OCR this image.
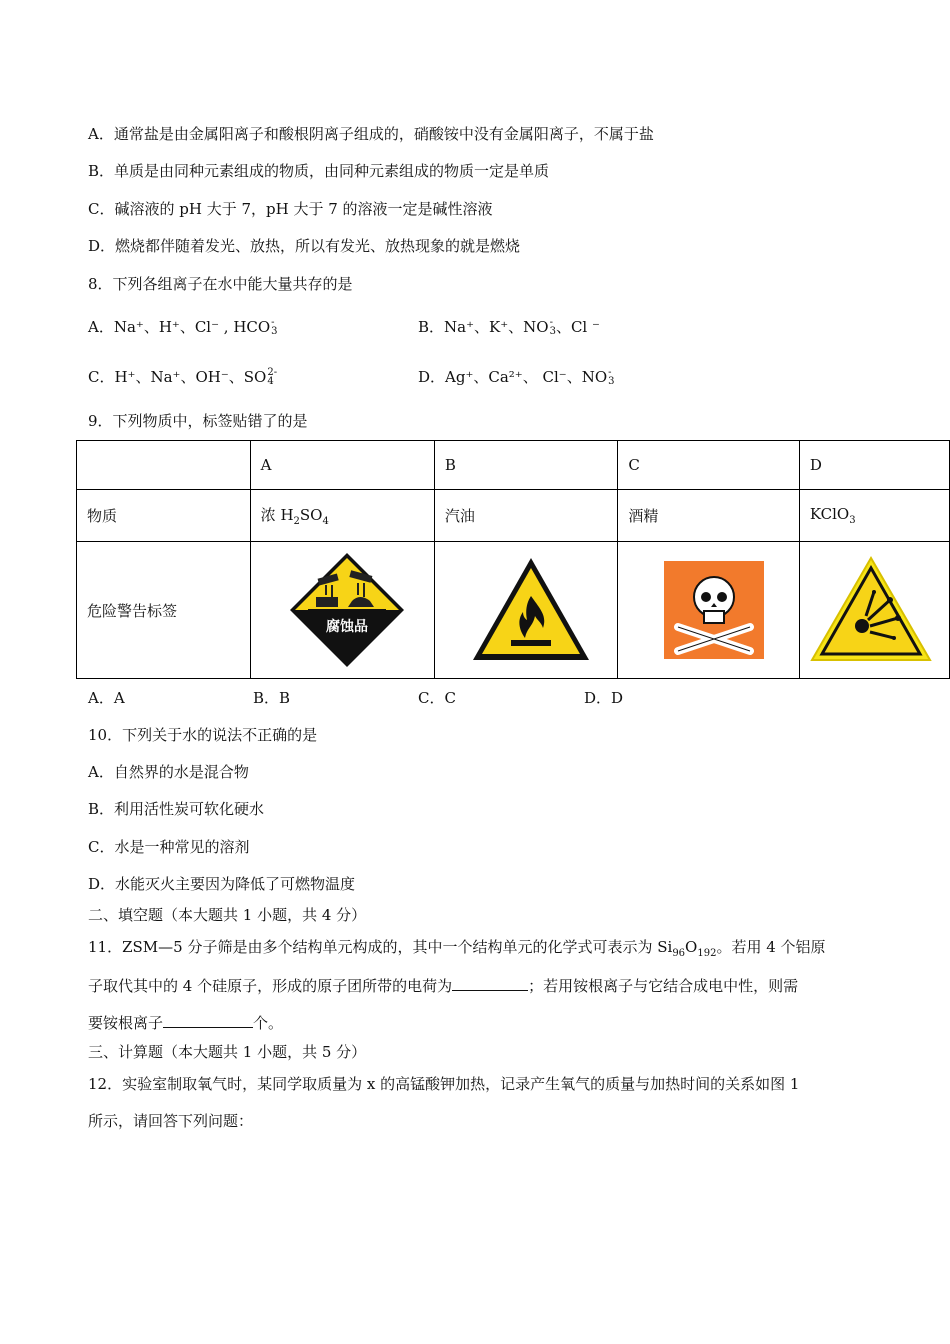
A．通常盐是由金属阳离子和酸根阴离子组成的，硝酸铵中没有金属阳离子，不属于盐
B．单质是由同种元素组成的物质，由同种元素组成的物质一定是单质
C．碱溶液的 pH 大于 7，pH 大于 7 的溶液一定是碱性溶液
D．燃烧都伴随着发光、放热，所以有发光、放热现象的就是燃烧
8．下列各组离子在水中能大量共存的是
A．Na⁺、H⁺、Cl⁻ , HCO -
3	B．Na⁺、K⁺、NO -
3 、Cl ⁻
C．H⁺、Na⁺、OH⁻、SO 2-
4	D．Ag⁺、Ca²⁺、 Cl⁻、NO -
3
9．下列物质中，标签贴错了的是
	A	B	C	D
物质	浓 $H_2SO_4$	汽油	酒精	KClO$_3$
危险警告标签	腐蚀品

A．A	B．B	C．C	D．D
10．下列关于水的说法不正确的是
A．自然界的水是混合物
B．利用活性炭可软化硬水
C．水是一种常见的溶剂
D．水能灭火主要因为降低了可燃物温度
二、填空题（本大题共 1 小题，共 4 分）
11．ZSM—5 分子筛是由多个结构单元构成的，其中一个结构单元的化学式可表示为 $Si_{96}O_{192}$。若用 4 个铝原
子取代其中的 4 个硅原子，形成的原子团所带的电荷为	；若用铵根离子与它结合成电中性，则需
要铵根离子	个。
三、计算题（本大题共 1 小题，共 5 分）
12．实验室制取氧气时，某同学取质量为 x 的高锰酸钾加热，记录产生氧气的质量与加热时间的关系如图 1
所示，请回答下列问题：
